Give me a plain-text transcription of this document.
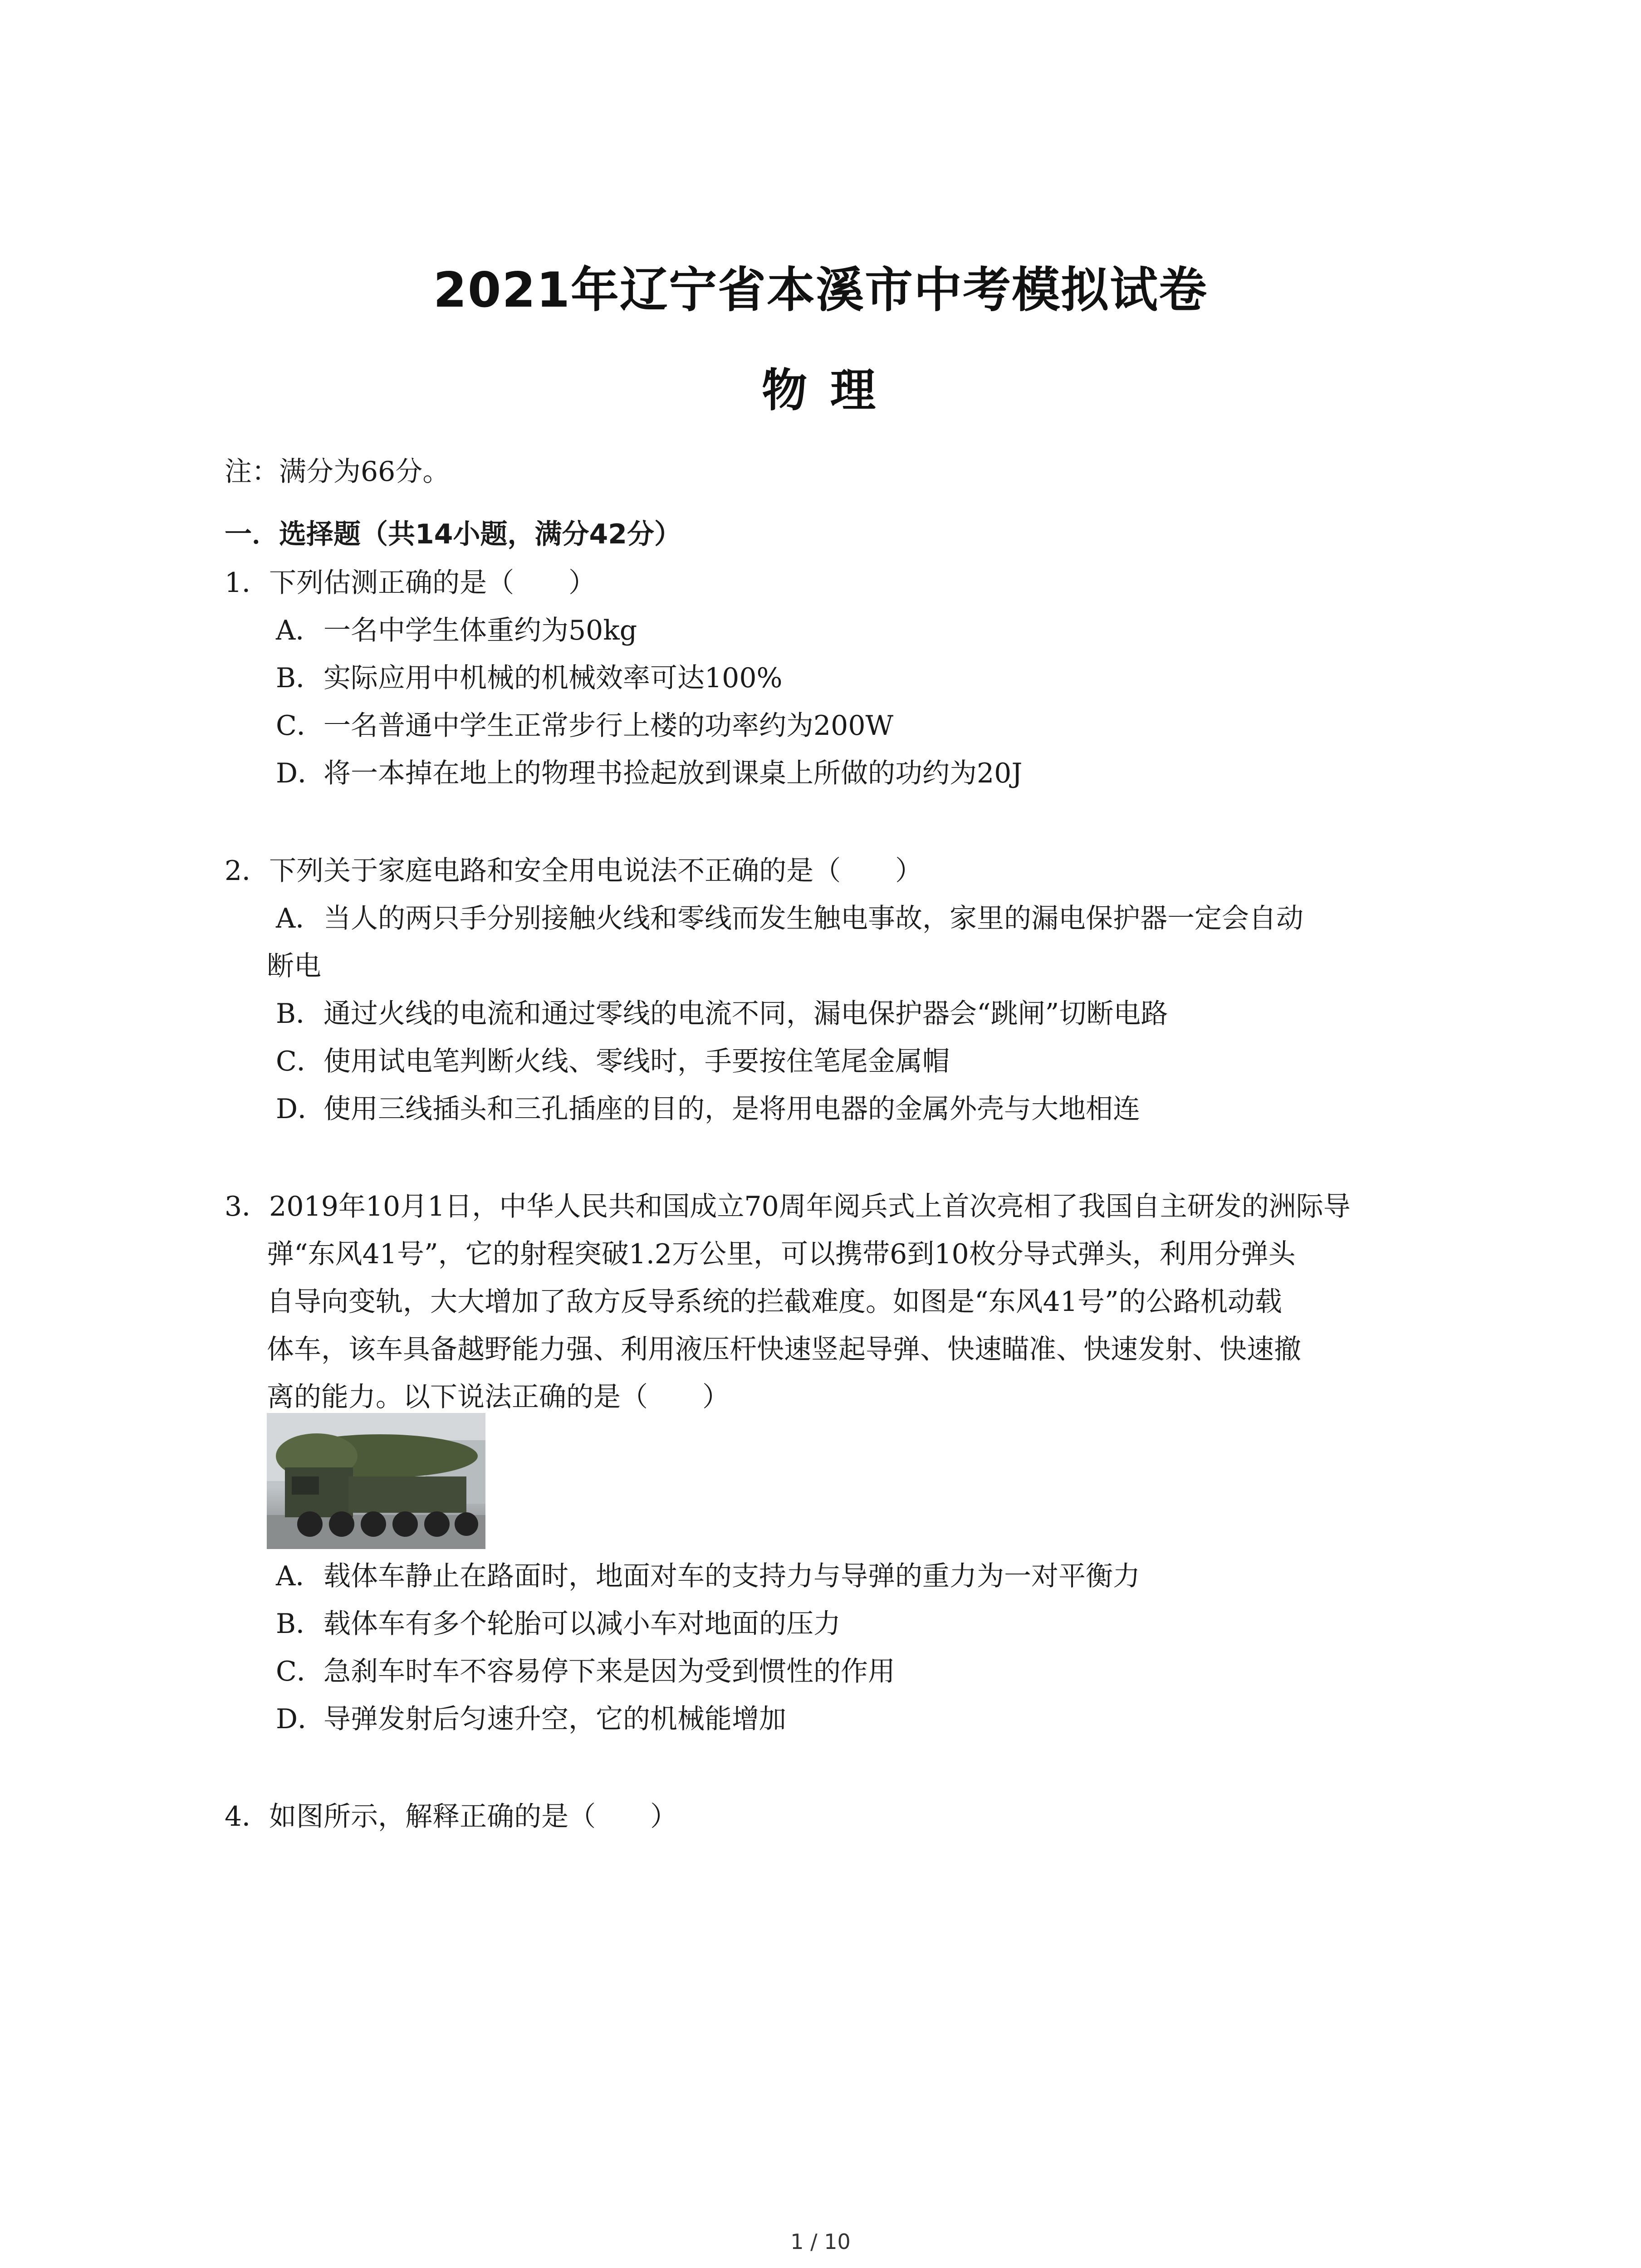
2021年辽宁省本溪市中考模拟试卷
物 理
注：满分为66分。
一．选择题（共14小题，满分42分）
1．下列估测正确的是（　　）
A．一名中学生体重约为50kg
B．实际应用中机械的机械效率可达100%
C．一名普通中学生正常步行上楼的功率约为200W
D．将一本掉在地上的物理书捡起放到课桌上所做的功约为20J
2．下列关于家庭电路和安全用电说法不正确的是（　　）
A．当人的两只手分别接触火线和零线而发生触电事故，家里的漏电保护器一定会自动
断电
B．通过火线的电流和通过零线的电流不同，漏电保护器会“跳闸”切断电路
C．使用试电笔判断火线、零线时，手要按住笔尾金属帽
D．使用三线插头和三孔插座的目的，是将用电器的金属外壳与大地相连
3．2019年10月1日，中华人民共和国成立70周年阅兵式上首次亮相了我国自主研发的洲际导
弹“东风41号”，它的射程突破1.2万公里，可以携带6到10枚分导式弹头，利用分弹头
自导向变轨，大大增加了敌方反导系统的拦截难度。如图是“东风41号”的公路机动载
体车，该车具备越野能力强、利用液压杆快速竖起导弹、快速瞄准、快速发射、快速撤
离的能力。以下说法正确的是（　　）
A．载体车静止在路面时，地面对车的支持力与导弹的重力为一对平衡力
B．载体车有多个轮胎可以减小车对地面的压力
C．急刹车时车不容易停下来是因为受到惯性的作用
D．导弹发射后匀速升空，它的机械能增加
4．如图所示，解释正确的是（　　）
1 / 10
